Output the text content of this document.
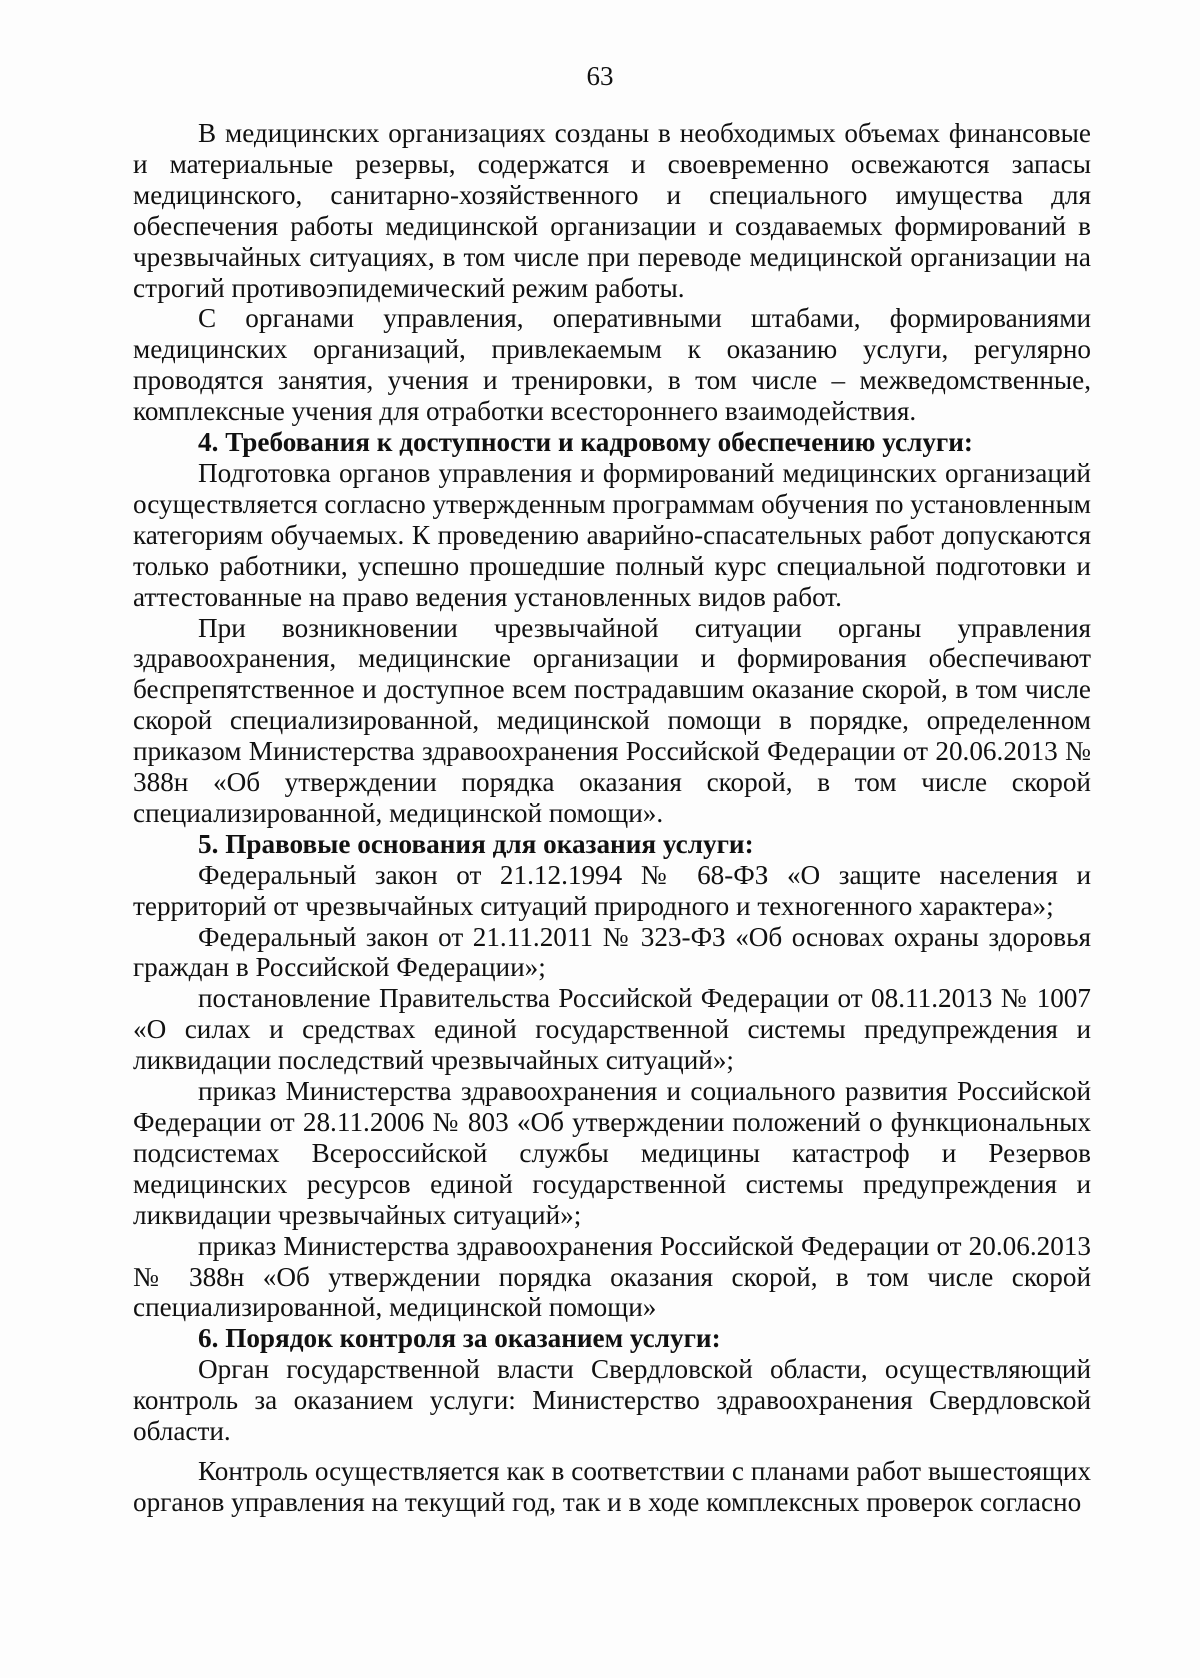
63

В медицинских организациях созданы в необходимых объемах финансовые и материальные резервы, содержатся и своевременно освежаются запасы медицинского, санитарно-хозяйственного и специального имущества для обеспечения работы медицинской организации и создаваемых формирований в чрезвычайных ситуациях, в том числе при переводе медицинской организации на строгий противоэпидемический режим работы.

С органами управления, оперативными штабами, формированиями медицинских организаций, привлекаемым к оказанию услуги, регулярно проводятся занятия, учения и тренировки, в том числе – межведомственные, комплексные учения для отработки всестороннего взаимодействия.

4. Требования к доступности и кадровому обеспечению услуги:

Подготовка органов управления и формирований медицинских организаций осуществляется согласно утвержденным программам обучения по установленным категориям обучаемых. К проведению аварийно-спасательных работ допускаются только работники, успешно прошедшие полный курс специальной подготовки и аттестованные на право ведения установленных видов работ.

При возникновении чрезвычайной ситуации органы управления здравоохранения, медицинские организации и формирования обеспечивают беспрепятственное и доступное всем пострадавшим оказание скорой, в том числе скорой специализированной, медицинской помощи в порядке, определенном приказом Министерства здравоохранения Российской Федерации от 20.06.2013 № 388н «Об утверждении порядка оказания скорой, в том числе скорой специализированной, медицинской помощи».

5. Правовые основания для оказания услуги:

Федеральный закон от 21.12.1994 № 68-ФЗ «О защите населения и территорий от чрезвычайных ситуаций природного и техногенного характера»;

Федеральный закон от 21.11.2011 № 323-ФЗ «Об основах охраны здоровья граждан в Российской Федерации»;

постановление Правительства Российской Федерации от 08.11.2013 № 1007 «О силах и средствах единой государственной системы предупреждения и ликвидации последствий чрезвычайных ситуаций»;

приказ Министерства здравоохранения и социального развития Российской Федерации от 28.11.2006 № 803 «Об утверждении положений о функциональных подсистемах Всероссийской службы медицины катастроф и Резервов медицинских ресурсов единой государственной системы предупреждения и ликвидации чрезвычайных ситуаций»;

приказ Министерства здравоохранения Российской Федерации от 20.06.2013 № 388н «Об утверждении порядка оказания скорой, в том числе скорой специализированной, медицинской помощи»

6. Порядок контроля за оказанием услуги:

Орган государственной власти Свердловской области, осуществляющий контроль за оказанием услуги: Министерство здравоохранения Свердловской области.

Контроль осуществляется как в соответствии с планами работ вышестоящих органов управления на текущий год, так и в ходе комплексных проверок согласно
